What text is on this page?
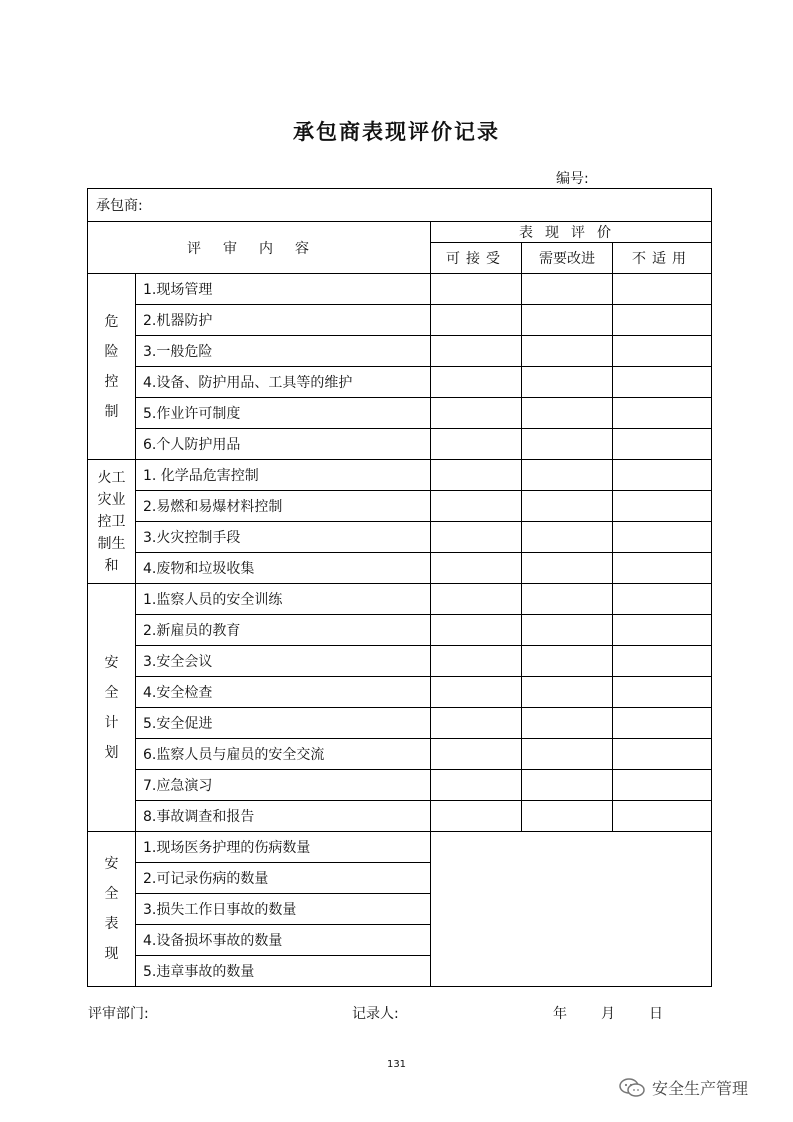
承包商表现评价记录
编号:
承包商:				
评审内容		表现评价		
		可接受	需要改进	不适用

危
险
控
制	1.现场管理			
	2.机器防护			
	3.一般危险			
	4.设备、防护用品、工具等的维护			
	5.作业许可制度			
	6.个人防护用品			

火工
灾业
控卫
制生
和	1. 化学品危害控制			
	2.易燃和易爆材料控制			
	3.火灾控制手段			
	4.废物和垃圾收集			

安
全
计
划	1.监察人员的安全训练			
	2.新雇员的教育			
	3.安全会议			
	4.安全检查			
	5.安全促进			
	6.监察人员与雇员的安全交流			
	7.应急演习			
	8.事故调查和报告			

安
全
表
现	1.现场医务护理的伤病数量			
	2.可记录伤病的数量			
	3.损失工作日事故的数量			
	4.设备损坏事故的数量			
	5.违章事故的数量			
评审部门:	记录人:	年 月 日
131
安全生产管理
